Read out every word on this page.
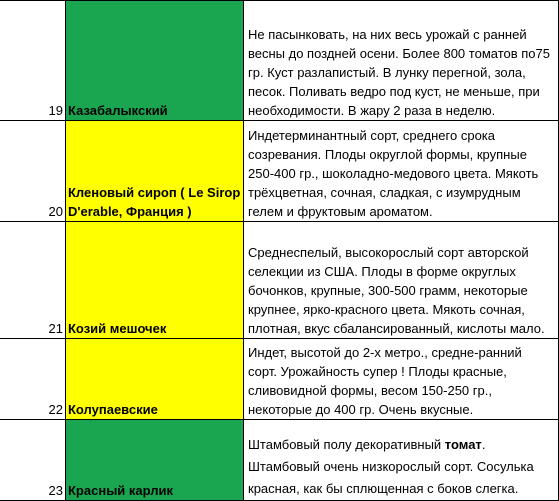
19	Казабалыкский	Не пасынковать, на них весь урожай с ранней весны до поздней осени. Более 800 томатов по75 гр. Куст разлапистый. В лунку перегной, зола, песок. Поливать ведро под куст, не меньше, при необходимости. В жару 2 раза в неделю.
20	Кленовый сироп ( Le Sirop D'erable, Франция )	Индетерминантный сорт, среднего срока созревания. Плоды округлой формы, крупные 250-400 гр., шоколадно-медового цвета. Мякоть трёхцветная, сочная, сладкая, с изумрудным гелем и фруктовым ароматом.
21	Козий мешочек	Среднеспелый, высокорослый сорт авторской селекции из США. Плоды в форме округлых бочонков, крупные, 300-500 грамм, некоторые крупнее, ярко-красного цвета. Мякоть сочная, плотная, вкус сбалансированный, кислоты мало.
22	Колупаевские	Индет, высотой до 2-х метро., средне-ранний сорт. Урожайность супер ! Плоды красные, сливовидной формы, весом 150-250 гр., некоторые до 400 гр. Очень вкусные.
23	Красный карлик	Штамбовый полу декоративный томат. Штамбовый очень низкорослый сорт. Сосулька красная, как бы сплющенная с боков слегка.
